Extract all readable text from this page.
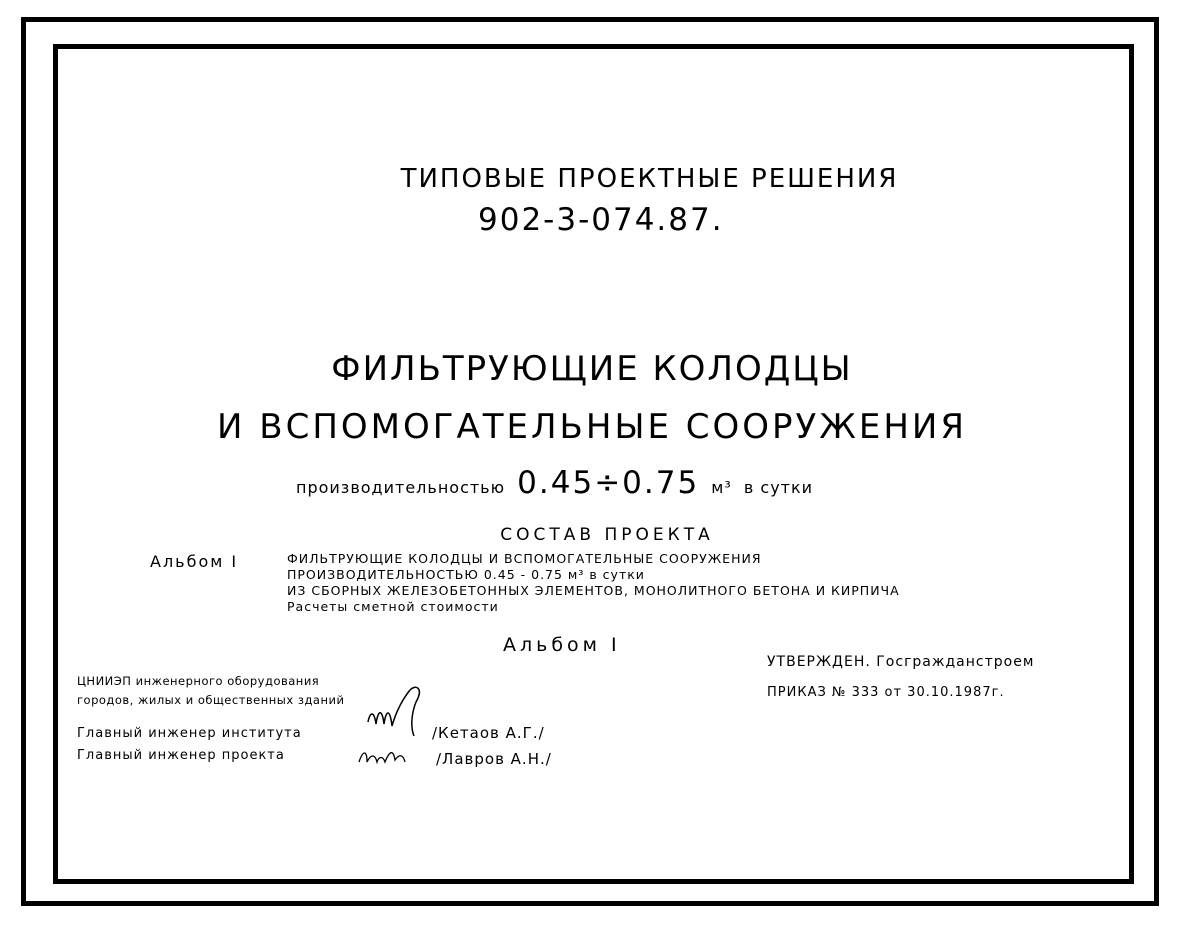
ТИПОВЫЕ ПРОЕКТНЫЕ РЕШЕНИЯ
902-3-074.87.
ФИЛЬТРУЮЩИЕ КОЛОДЦЫ
И ВСПОМОГАТЕЛЬНЫЕ СООРУЖЕНИЯ
производительностью 0.45÷0.75 м³ в сутки
СОСТАВ ПРОЕКТА
Альбом I	ФИЛЬТРУЮЩИЕ КОЛОДЦЫ И ВСПОМОГАТЕЛЬНЫЕ СООРУЖЕНИЯ
ПРОИЗВОДИТЕЛЬНОСТЬЮ 0.45 - 0.75 м³ в сутки
ИЗ СБОРНЫХ ЖЕЛЕЗОБЕТОННЫХ ЭЛЕМЕНТОВ, МОНОЛИТНОГО БЕТОНА И КИРПИЧА
Расчеты сметной стоимости
Альбом I
УТВЕРЖДЕН. Госгражданстроем
ПРИКАЗ № 333 от 30.10.1987г.
ЦНИИЭП инженерного оборудования
городов, жилых и общественных зданий
Главный инженер института
Главный инженер проекта
/Кетаов А.Г./
/Лавров А.Н./
